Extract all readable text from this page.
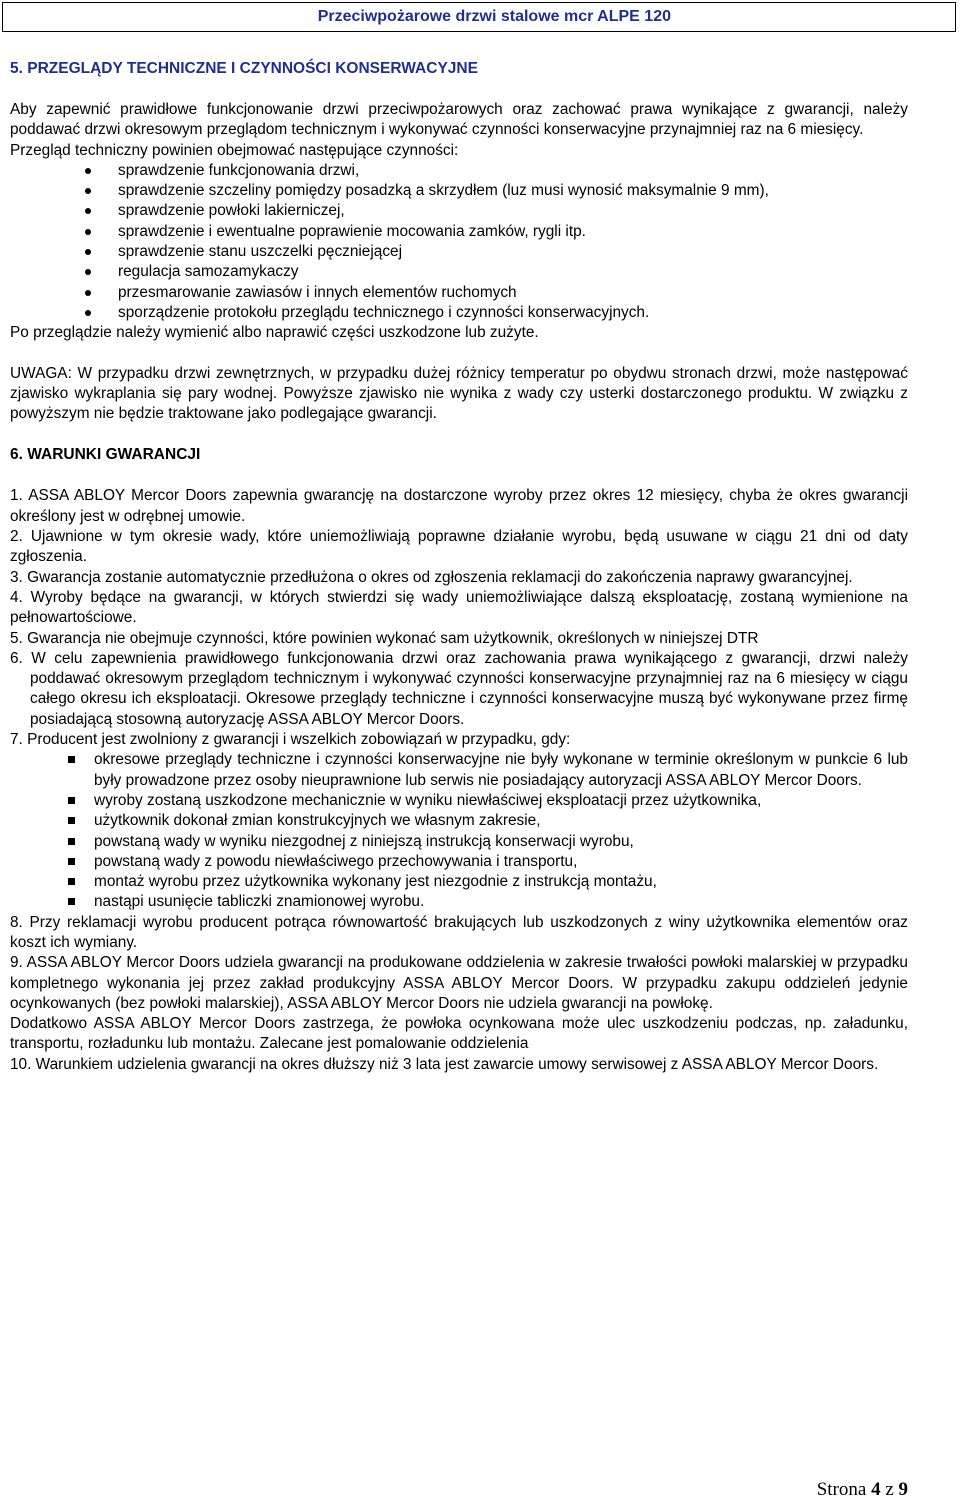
Przeciwpożarowe drzwi stalowe mcr ALPE 120
5. PRZEGLĄDY TECHNICZNE I CZYNNOŚCI KONSERWACYJNE

Aby zapewnić prawidłowe funkcjonowanie drzwi przeciwpożarowych oraz zachować prawa wynikające z gwarancji, należy poddawać drzwi okresowym przeglądom technicznym i wykonywać czynności konserwacyjne przynajmniej raz na 6 miesięcy.

Przegląd techniczny powinien obejmować następujące czynności:

sprawdzenie funkcjonowania drzwi,
sprawdzenie szczeliny pomiędzy posadzką a skrzydłem (luz musi wynosić maksymalnie 9 mm),
sprawdzenie powłoki lakierniczej,
sprawdzenie i ewentualne poprawienie mocowania zamków, rygli itp.
sprawdzenie stanu uszczelki pęczniejącej
regulacja samozamykaczy
przesmarowanie zawiasów i innych elementów ruchomych
sporządzenie protokołu przeglądu technicznego i czynności konserwacyjnych.

Po przeglądzie należy wymienić albo naprawić części uszkodzone lub zużyte.

UWAGA: W przypadku drzwi zewnętrznych, w przypadku dużej różnicy temperatur po obydwu stronach drzwi, może następować zjawisko wykraplania się pary wodnej. Powyższe zjawisko nie wynika z wady czy usterki dostarczonego produktu. W związku z powyższym nie będzie traktowane jako podlegające gwarancji.

6. WARUNKI GWARANCJI

1. ASSA ABLOY Mercor Doors zapewnia gwarancję na dostarczone wyroby przez okres 12 miesięcy, chyba że okres gwarancji określony jest w odrębnej umowie.

2. Ujawnione w tym okresie wady, które uniemożliwiają poprawne działanie wyrobu, będą usuwane w ciągu 21 dni od daty zgłoszenia.

3. Gwarancja zostanie automatycznie przedłużona o okres od zgłoszenia reklamacji do zakończenia naprawy gwarancyjnej.

4. Wyroby będące na gwarancji, w których stwierdzi się wady uniemożliwiające dalszą eksploatację, zostaną wymienione na pełnowartościowe.

5. Gwarancja nie obejmuje czynności, które powinien wykonać sam użytkownik, określonych w niniejszej DTR

6. W celu zapewnienia prawidłowego funkcjonowania drzwi oraz zachowania prawa wynikającego z gwarancji, drzwi należy poddawać okresowym przeglądom technicznym i wykonywać czynności konserwacyjne przynajmniej raz na 6 miesięcy w ciągu całego okresu ich eksploatacji. Okresowe przeglądy techniczne i czynności konserwacyjne muszą być wykonywane przez firmę posiadającą stosowną autoryzację ASSA ABLOY Mercor Doors.

7. Producent jest zwolniony z gwarancji i wszelkich zobowiązań w przypadku, gdy:

okresowe przeglądy techniczne i czynności konserwacyjne nie były wykonane w terminie określonym w punkcie 6 lub były prowadzone przez osoby nieuprawnione lub serwis nie posiadający autoryzacji ASSA ABLOY Mercor Doors.
wyroby zostaną uszkodzone mechanicznie w wyniku niewłaściwej eksploatacji przez użytkownika,
użytkownik dokonał zmian konstrukcyjnych we własnym zakresie,
powstaną wady w wyniku niezgodnej z niniejszą instrukcją konserwacji wyrobu,
powstaną wady z powodu niewłaściwego przechowywania i transportu,
montaż wyrobu przez użytkownika wykonany jest niezgodnie z instrukcją montażu,
nastąpi usunięcie tabliczki znamionowej wyrobu.

8. Przy reklamacji wyrobu producent potrąca równowartość brakujących lub uszkodzonych z winy użytkownika elementów oraz koszt ich wymiany.

9. ASSA ABLOY Mercor Doors udziela gwarancji na produkowane oddzielenia w zakresie trwałości powłoki malarskiej w przypadku kompletnego wykonania jej przez zakład produkcyjny ASSA ABLOY Mercor Doors. W przypadku zakupu oddzieleń jedynie ocynkowanych (bez powłoki malarskiej), ASSA ABLOY Mercor Doors nie udziela gwarancji na powłokę.

Dodatkowo ASSA ABLOY Mercor Doors zastrzega, że powłoka ocynkowana może ulec uszkodzeniu podczas, np. załadunku, transportu, rozładunku lub montażu. Zalecane jest pomalowanie oddzielenia

10. Warunkiem udzielenia gwarancji na okres dłuższy niż 3 lata jest zawarcie umowy serwisowej z ASSA ABLOY Mercor Doors.

Strona 4 z 9
